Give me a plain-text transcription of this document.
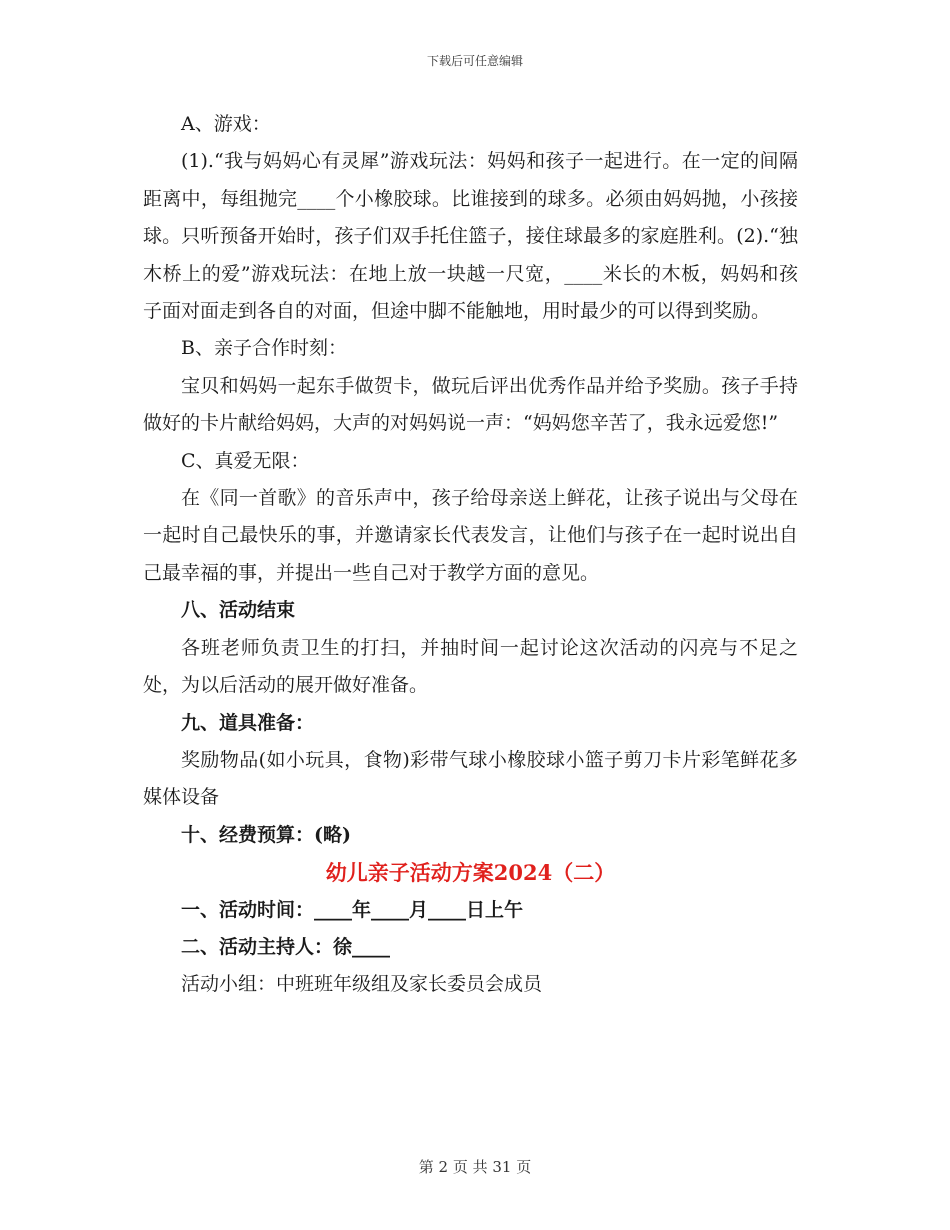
下载后可任意编辑

A、游戏：

(1).“我与妈妈心有灵犀”游戏玩法：妈妈和孩子一起进行。在一定的间隔距离中，每组抛完____个小橡胶球。比谁接到的球多。必须由妈妈抛，小孩接球。只听预备开始时，孩子们双手托住篮子，接住球最多的家庭胜利。(2).“独木桥上的爱”游戏玩法：在地上放一块越一尺宽，____米长的木板，妈妈和孩子面对面走到各自的对面，但途中脚不能触地，用时最少的可以得到奖励。

B、亲子合作时刻：

宝贝和妈妈一起东手做贺卡，做玩后评出优秀作品并给予奖励。孩子手持做好的卡片献给妈妈，大声的对妈妈说一声：“妈妈您辛苦了，我永远爱您!”

C、真爱无限：

在《同一首歌》的音乐声中，孩子给母亲送上鲜花，让孩子说出与父母在一起时自己最快乐的事，并邀请家长代表发言，让他们与孩子在一起时说出自己最幸福的事，并提出一些自己对于教学方面的意见。

八、活动结束

各班老师负责卫生的打扫，并抽时间一起讨论这次活动的闪亮与不足之处，为以后活动的展开做好准备。

九、道具准备：

奖励物品(如小玩具，食物)彩带气球小橡胶球小篮子剪刀卡片彩笔鲜花多媒体设备

十、经费预算：(略)

幼儿亲子活动方案2024（二）

一、活动时间：____年____月____日上午

二、活动主持人：徐____

活动小组：中班班年级组及家长委员会成员

第 2 页 共 31 页
